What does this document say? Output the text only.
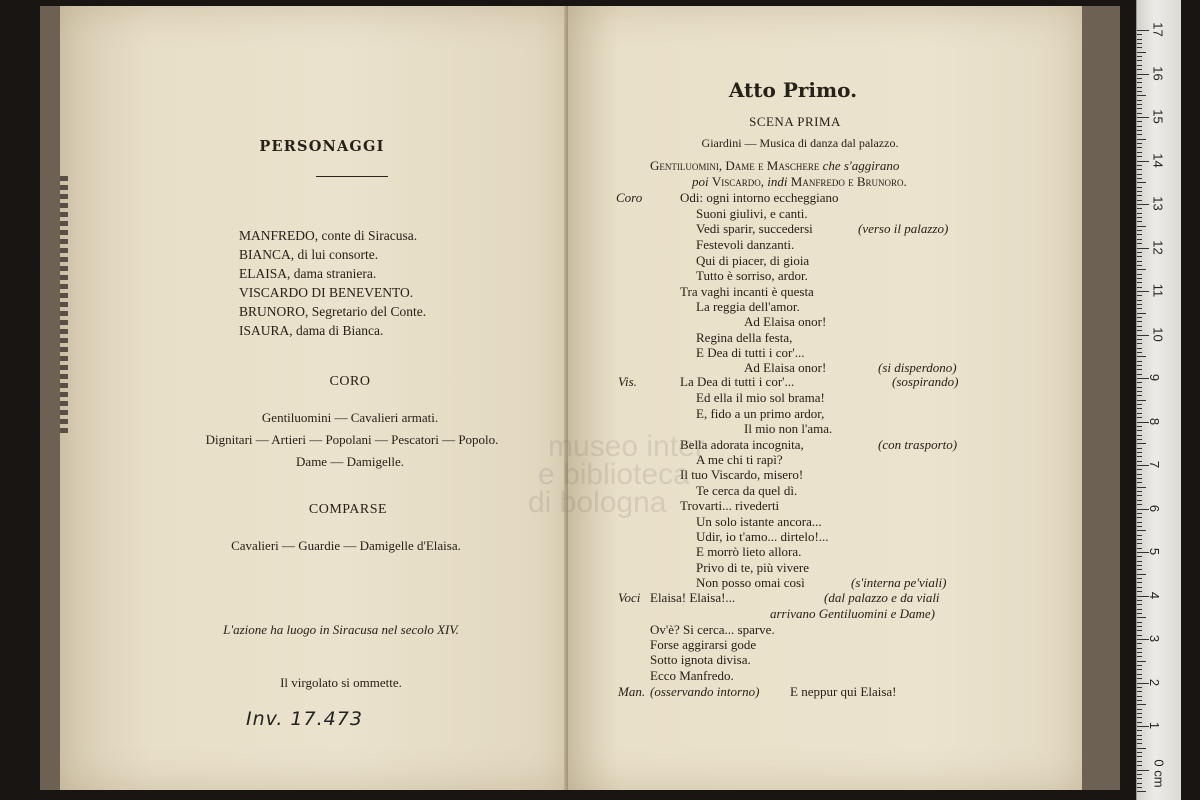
PERSONAGGI
MANFREDO, conte di Siracusa.
BIANCA, di lui consorte.
ELAISA, dama straniera.
VISCARDO DI BENEVENTO.
BRUNORO, Segretario del Conte.
ISAURA, dama di Bianca.
CORO
Gentiluomini — Cavalieri armati.
Dignitari — Artieri — Popolani — Pescatori — Popolo.
Dame — Damigelle.
COMPARSE
Cavalieri — Guardie — Damigelle d'Elaisa.
L'azione ha luogo in Siracusa nel secolo XIV.
Il virgolato si ommette.
Inv. 17.473
Atto Primo.
SCENA PRIMA
Giardini — Musica di danza dal palazzo.
Gentiluomini, Dame e Maschere che s'aggirano
poi Viscardo, indi Manfredo e Brunoro.
Coro
Vis.
Voci
Man.
Odi: ogni intorno eccheggiano
Suoni giulivi, e canti.
Vedi sparir, succedersi	(verso il palazzo)
Festevoli danzanti.
Qui di piacer, di gioia
Tutto è sorriso, ardor.
Tra vaghi incanti è questa
La reggia dell'amor.
Ad Elaisa onor!
Regina della festa,
E Dea di tutti i cor'...
Ad Elaisa onor!	(si disperdono)
La Dea di tutti i cor'...	(sospirando)
Ed ella il mio sol brama!
E, fido a un primo ardor,
Il mio non l'ama.
Bella adorata incognita,	(con trasporto)
A me chi ti rapì?
Il tuo Viscardo, misero!
Te cerca da quel dì.
Trovarti... rivederti
Un solo istante ancora...
Udir, io t'amo... dirtelo!...
E morrò lieto allora.
Privo di te, più vivere
Non posso omai così	(s'interna pe'viali)
Elaisa! Elaisa!...	(dal palazzo e da viali
arrivano Gentiluomini e Dame)
Ov'è? Si cerca... sparve.
Forse aggirarsi gode
Sotto ignota divisa.
Ecco Manfredo.
(osservando intorno) E neppur qui Elaisa!
museo inter
e biblioteca
di bologna
17
16
15
14
13
12
11
10
9
8
7
6
5
4
3
2
1
0 cm
